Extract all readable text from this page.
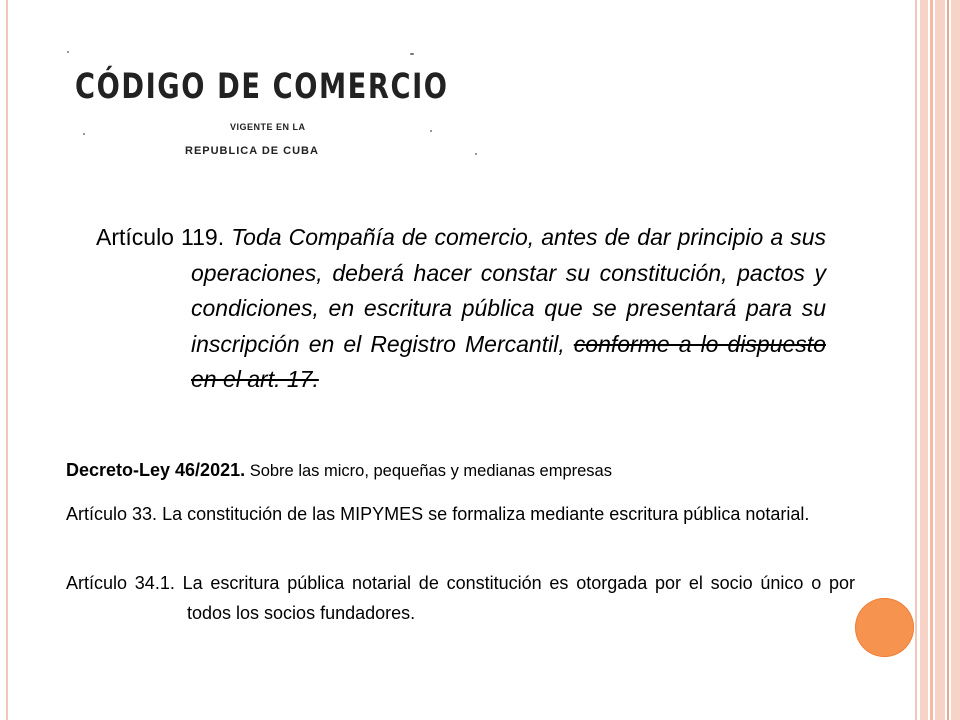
CÓDIGO DE COMERCIO
VIGENTE EN LA
REPUBLICA DE CUBA
Artículo 119. Toda Compañía de comercio, antes de dar principio a sus operaciones, deberá hacer constar su constitución, pactos y condiciones, en escritura pública que se presentará para su inscripción en el Registro Mercantil, conforme a lo dispuesto en el art. 17.
Decreto-Ley 46/2021. Sobre las micro, pequeñas y medianas empresas
Artículo 33. La constitución de las MIPYMES se formaliza mediante escritura pública notarial.
Artículo 34.1. La escritura pública notarial de constitución es otorgada por el socio único o por todos los socios fundadores.
